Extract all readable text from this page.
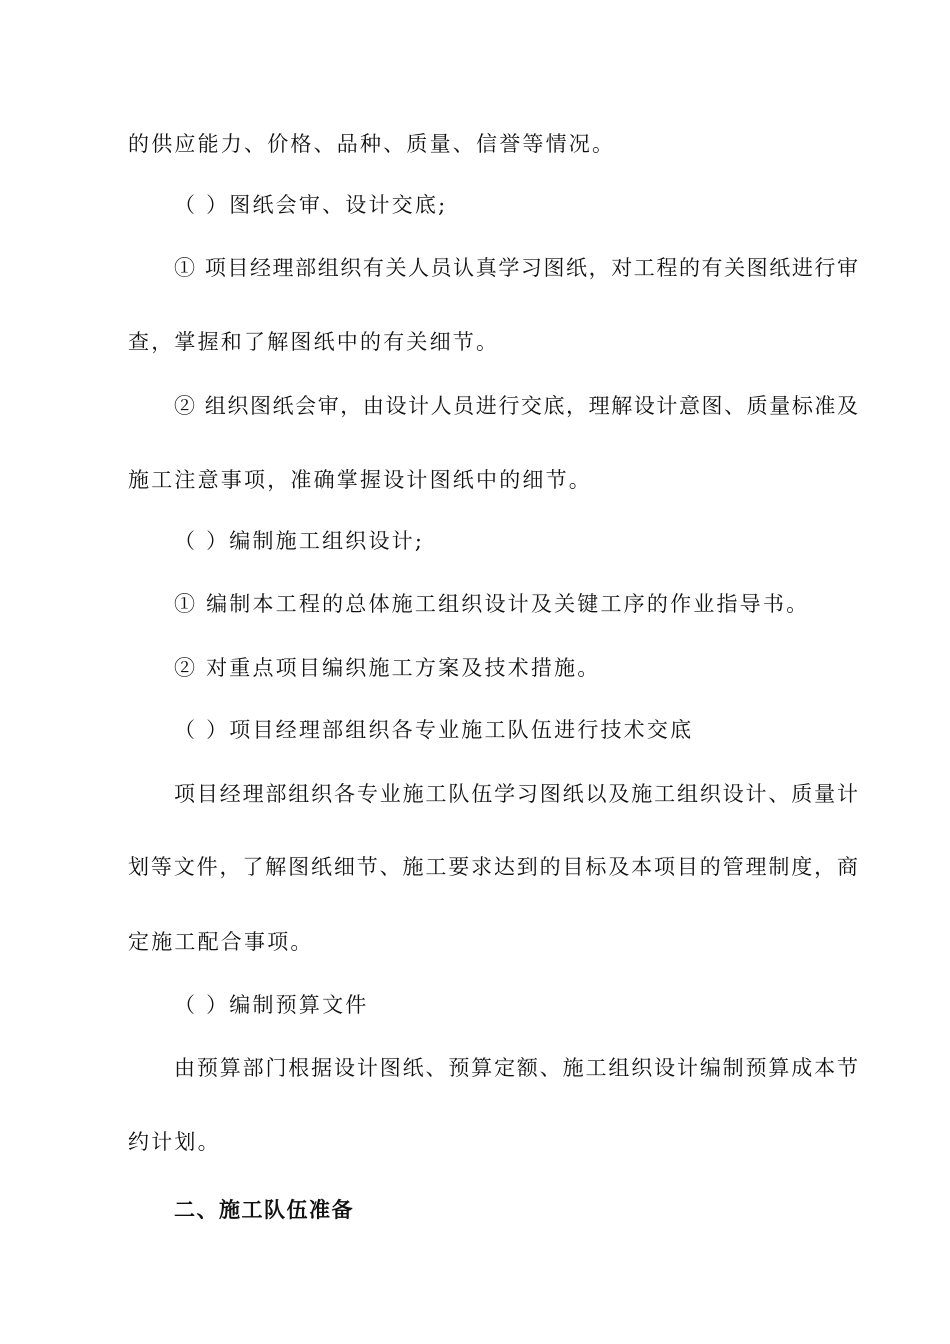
的供应能力、价格、品种、质量、信誉等情况。
（ ）图纸会审、设计交底;
① 项目经理部组织有关人员认真学习图纸，对工程的有关图纸进行审
查，掌握和了解图纸中的有关细节。
② 组织图纸会审，由设计人员进行交底，理解设计意图、质量标准及
施工注意事项，准确掌握设计图纸中的细节。
（ ）编制施工组织设计;
① 编制本工程的总体施工组织设计及关键工序的作业指导书。
② 对重点项目编织施工方案及技术措施。
（ ）项目经理部组织各专业施工队伍进行技术交底
项目经理部组织各专业施工队伍学习图纸以及施工组织设计、质量计
划等文件，了解图纸细节、施工要求达到的目标及本项目的管理制度，商
定施工配合事项。
（ ）编制预算文件
由预算部门根据设计图纸、预算定额、施工组织设计编制预算成本节
约计划。
二、施工队伍准备
